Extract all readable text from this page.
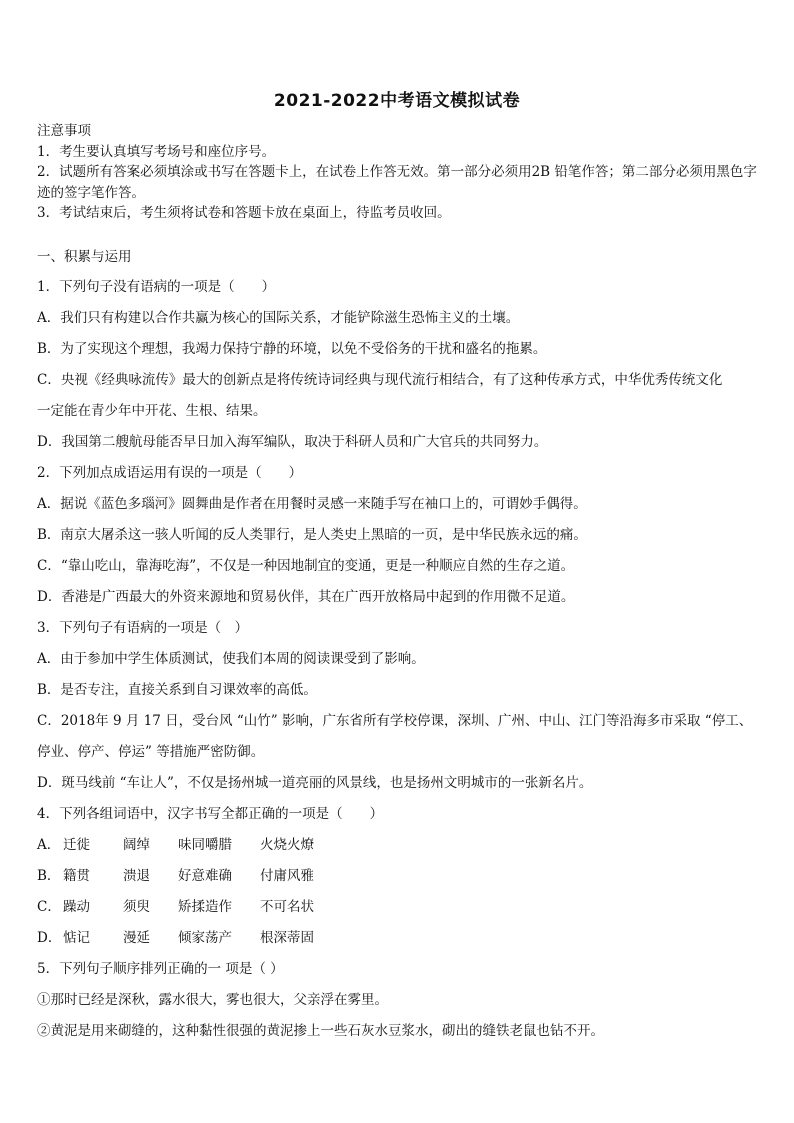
2021-2022中考语文模拟试卷
注意事项
1．考生要认真填写考场号和座位序号。
2．试题所有答案必须填涂或书写在答题卡上，在试卷上作答无效。第一部分必须用2B 铅笔作答；第二部分必须用黑色字迹的签字笔作答。
3．考试结束后，考生须将试卷和答题卡放在桌面上，待监考员收回。
一、积累与运用
1．下列句子没有语病的一项是（　　）
A．我们只有构建以合作共赢为核心的国际关系，才能铲除滋生恐怖主义的土壤。
B．为了实现这个理想，我竭力保持宁静的环境，以免不受俗务的干扰和盛名的拖累。
C．央视《经典咏流传》最大的创新点是将传统诗词经典与现代流行相结合，有了这种传承方式，中华优秀传统文化
一定能在青少年中开花、生根、结果。
D．我国第二艘航母能否早日加入海军编队，取决于科研人员和广大官兵的共同努力。
2．下列加点成语运用有误的一项是（　　）
A．据说《蓝色多瑙河》圆舞曲是作者在用餐时灵感一来随手写在袖口上的，可谓妙手偶得。
B．南京大屠杀这一骇人听闻的反人类罪行，是人类史上黑暗的一页，是中华民族永远的痛。
C．“靠山吃山，靠海吃海”，不仅是一种因地制宜的变通，更是一种顺应自然的生存之道。
D．香港是广西最大的外资来源地和贸易伙伴，其在广西开放格局中起到的作用微不足道。
3．下列句子有语病的一项是（　）
A．由于参加中学生体质测试，使我们本周的阅读课受到了影响。
B．是否专注，直接关系到自习课效率的高低。
C．2018年 9 月 17 日，受台风 “山竹” 影响，广东省所有学校停课，深圳、广州、中山、江门等沿海多市采取 “停工、
停业、停产、停运” 等措施严密防御。
D．斑马线前 “车让人”，不仅是扬州城一道亮丽的风景线，也是扬州文明城市的一张新名片。
4．下列各组词语中，汉字书写全都正确的一项是（　　）
A． 迁徙 阔绰 味同嚼腊 火烧火燎
B． 籍贯 溃退 好意难确 付庸风雅
C． 躁动 须臾 矫揉造作 不可名状
D． 惦记 漫延 倾家荡产 根深蒂固
5．下列句子顺序排列正确的一 项是（ ）
①那时已经是深秋，露水很大，雾也很大，父亲浮在雾里。
②黄泥是用来砌缝的，这种黏性很强的黄泥掺上一些石灰水豆浆水，砌出的缝铁老鼠也钻不开。
